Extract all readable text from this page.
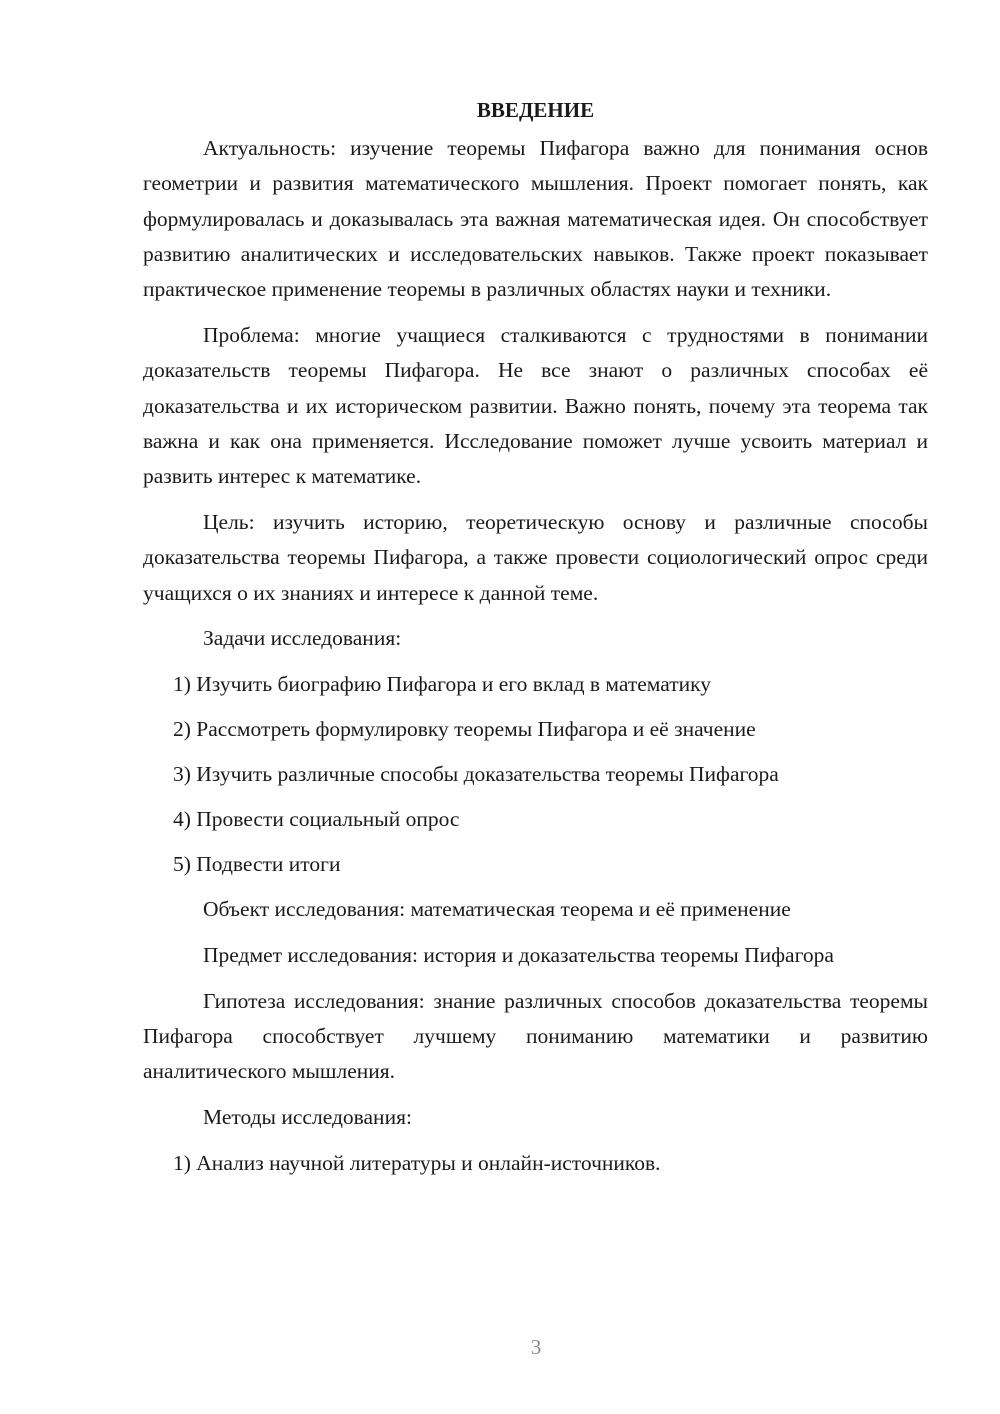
ВВЕДЕНИЕ

Актуальность: изучение теоремы Пифагора важно для понимания основ геометрии и развития математического мышления. Проект помогает понять, как формулировалась и доказывалась эта важная математическая идея. Он способствует развитию аналитических и исследовательских навыков. Также проект показывает практическое применение теоремы в различных областях науки и техники.

Проблема: многие учащиеся сталкиваются с трудностями в понимании доказательств теоремы Пифагора. Не все знают о различных способах её доказательства и их историческом развитии. Важно понять, почему эта теорема так важна и как она применяется. Исследование поможет лучше усвоить материал и развить интерес к математике.

Цель: изучить историю, теоретическую основу и различные способы доказательства теоремы Пифагора, а также провести социологический опрос среди учащихся о их знаниях и интересе к данной теме.

Задачи исследования:

1) Изучить биографию Пифагора и его вклад в математику
2) Рассмотреть формулировку теоремы Пифагора и её значение
3) Изучить различные способы доказательства теоремы Пифагора
4) Провести социальный опрос
5) Подвести итоги

Объект исследования: математическая теорема и её применение

Предмет исследования: история и доказательства теоремы Пифагора

Гипотеза исследования: знание различных способов доказательства теоремы Пифагора способствует лучшему пониманию математики и развитию аналитического мышления.

Методы исследования:

1) Анализ научной литературы и онлайн-источников.
3
